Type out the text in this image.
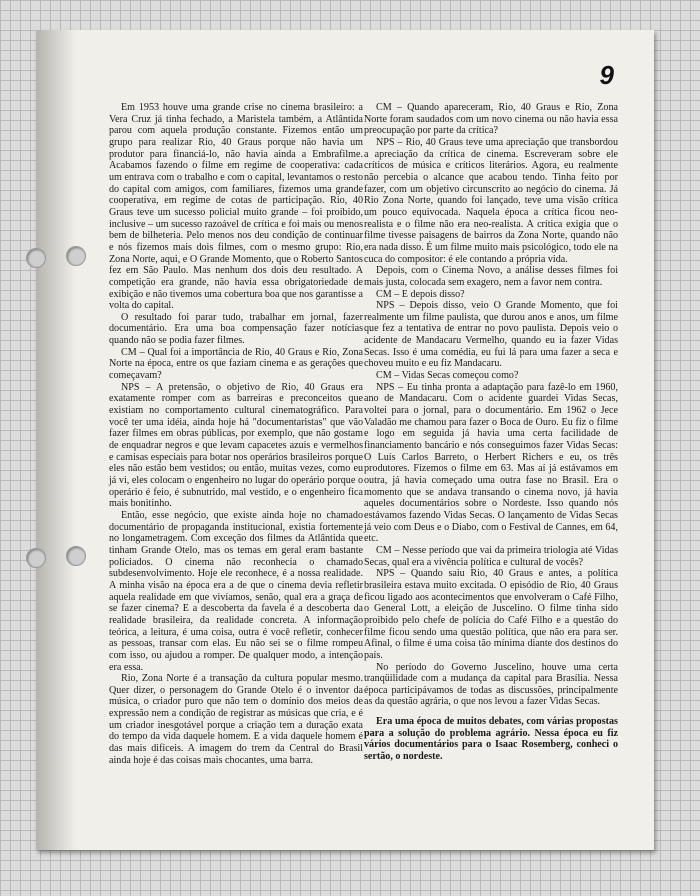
9

Em 1953 houve uma grande crise no cinema brasileiro: a Vera Cruz já tinha fechado, a Maristela também, a Atlântida parou com aquela produção constante. Fizemos então um grupo para realizar Rio, 40 Graus porque não havia um produtor para financiá-lo, não havia ainda a Embrafilme. Acabamos fazendo o filme em regime de cooperativa: cada um entrava com o trabalho e com o capital, levantamos o resto do capital com amigos, com familiares, fizemos uma grande cooperativa, em regime de cotas de participação. Rio, 40 Graus teve um sucesso policial muito grande – foi proibido, inclusive – um sucesso razoável de crítica e foi mais ou menos bem de bilheteria. Pelo menos nos deu condição de continuar e nós fizemos mais dois filmes, com o mesmo grupo: Rio, Zona Norte, aqui, e O Grande Momento, que o Roberto Santos fez em São Paulo. Mas nenhum dos dois deu resultado. A competição era grande, não havia essa obrigatoriedade de exibição e não tivemos uma cobertura boa que nos garantisse a volta do capital.

O resultado foi parar tudo, trabalhar em jornal, fazer documentário. Era uma boa compensação fazer notícias quando não se podia fazer filmes.

CM – Qual foi a importância de Rio, 40 Graus e Rio, Zona Norte na época, entre os que faziam cinema e as gerações que começavam?

NPS – A pretensão, o objetivo de Rio, 40 Graus era exatamente romper com as barreiras e preconceitos que existiam no comportamento cultural cinematográfico. Para você ter uma idéia, ainda hoje há "documentaristas" que vão fazer filmes em obras públicas, por exemplo, que não gostam de enquadrar negros e que levam capacetes azuis e vermelhos e camisas especiais para botar nos operários brasileiros porque eles não estão bem vestidos; ou então, muitas vezes, como eu já vi, eles colocam o engenheiro no lugar do operário porque o operário é feio, é subnutrido, mal vestido, e o engenheiro fica mais bonitinho.

Então, esse negócio, que existe ainda hoje no chamado documentário de propaganda institucional, existia fortemente no longametragem. Com exceção dos filmes da Atlântida que tinham Grande Otelo, mas os temas em geral eram bastante policiados. O cinema não reconhecia o chamado subdesenvolvimento. Hoje ele reconhece, é a nossa realidade. A minha visão na época era a de que o cinema devia refletir aquela realidade em que vivíamos, senão, qual era a graça de se fazer cinema? E a descoberta da favela é a descoberta da realidade brasileira, da realidade concreta. A informação teórica, a leitura, é uma coisa, outra é você refletir, conhecer as pessoas, transar com elas. Eu não sei se o filme rompeu com isso, ou ajudou a romper. De qualquer modo, a intenção era essa.

Rio, Zona Norte é a transação da cultura popular mesmo. Quer dizer, o personagem do Grande Otelo é o inventor da música, o criador puro que não tem o domínio dos meios de expressão nem a condição de registrar as músicas que cria, e é um criador inesgotável porque a criação tem a duração exata do tempo da vida daquele homem. E a vida daquele homem é das mais difíceis. A imagem do trem da Central do Brasil ainda hoje é das coisas mais chocantes, uma barra.

CM – Quando apareceram, Rio, 40 Graus e Rio, Zona Norte foram saudados com um novo cinema ou não havia essa preocupação por parte da crítica?

NPS – Rio, 40 Graus teve uma apreciação que transbordou a apreciação da crítica de cinema. Escreveram sobre ele críticos de música e críticos literários. Agora, eu realmente não percebia o alcance que acabou tendo. Tinha feito por fazer, com um objetivo circunscrito ao negócio do cinema. Já Rio Zona Norte, quando foi lançado, teve uma visão crítica um pouco equivocada. Naquela época a crítica ficou neo-realista e o filme não era neo-realista. A crítica exigia que o filme tivesse paisagens de bairros da Zona Norte, quando não era nada disso. É um filme muito mais psicológico, todo ele na cuca do compositor: é ele contando a própria vida.

Depois, com o Cinema Novo, a análise desses filmes foi mais justa, colocada sem exagero, nem a favor nem contra.

CM – E depois disso?

NPS – Depois disso, veio O Grande Momento, que foi realmente um filme paulista, que durou anos e anos, um filme que fez a tentativa de entrar no povo paulista. Depois veio o acidente de Mandacaru Vermelho, quando eu ia fazer Vidas Secas. Isso é uma comédia, eu fui lá para uma fazer a seca e choveu muito e eu fiz Mandacaru.

CM – Vidas Secas começou como?

NPS – Eu tinha pronta a adaptação para fazê-lo em 1960, ano de Mandacaru. Com o acidente guardei Vidas Secas, voltei para o jornal, para o documentário. Em 1962 o Jece Valadão me chamou para fazer o Boca de Ouro. Eu fiz o filme e logo em seguida já havia uma certa facilidade de financiamento bancário e nós conseguimos fazer Vidas Secas: O Luís Carlos Barreto, o Herbert Richers e eu, os três produtores. Fizemos o filme em 63. Mas aí já estávamos em outra, já havia começado uma outra fase no Brasil. Era o momento que se andava transando o cinema novo, já havia aqueles documentários sobre o Nordeste. Isso quando nós estávamos fazendo Vidas Secas. O lançamento de Vidas Secas já veio com Deus e o Diabo, com o Festival de Cannes, em 64, etc.

CM – Nesse período que vai da primeira triologia até Vidas Secas, qual era a vivência política e cultural de vocês?

NPS – Quando saiu Rio, 40 Graus e antes, a política brasileira estava muito excitada. O episódio de Rio, 40 Graus ficou ligado aos acontecimentos que envolveram o Café Filho, o General Lott, a eleição de Juscelino. O filme tinha sido proibido pelo chefe de polícia do Café Filho e a questão do filme ficou sendo uma questão política, que não era para ser. Afinal, o filme é uma coisa tão mínima diante dos destinos do país.

No período do Governo Juscelino, houve uma certa tranqüilidade com a mudança da capital para Brasília. Nessa época participávamos de todas as discussões, principalmente as da questão agrária, o que nos levou a fazer Vidas Secas.

Era uma época de muitos debates, com várias propostas para a solução do problema agrário. Nessa época eu fiz vários documentários para o Isaac Rosemberg, conheci o sertão, o nordeste.
